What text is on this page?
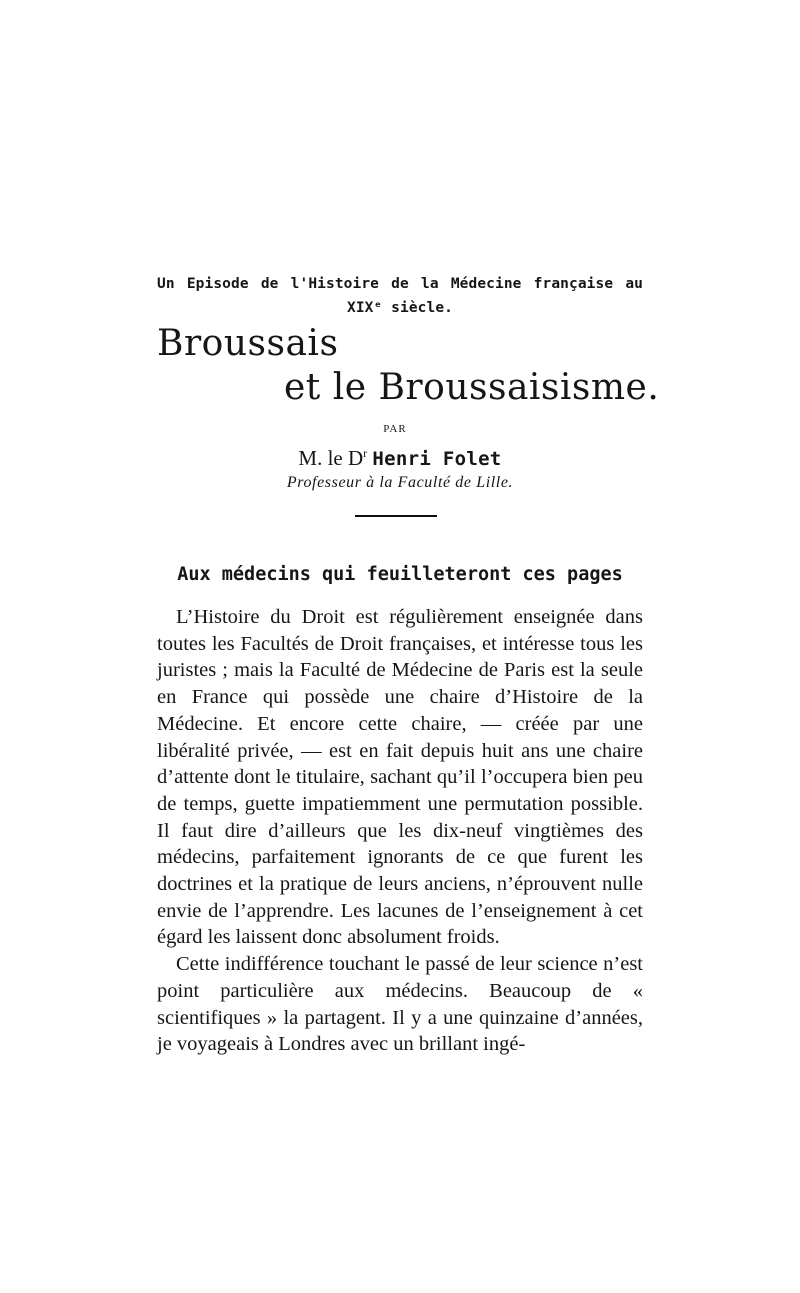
Un Episode de l'Histoire de la Médecine française au XIXᵉ siècle.
Broussais
et le Broussaisisme.
PAR
M. le $D^r$ Henri Folet
Professeur à la Faculté de Lille.
Aux médecins qui feuilleteront ces pages

L’Histoire du Droit est régulièrement enseignée dans toutes les Facultés de Droit françaises, et intéresse tous les juristes ; mais la Faculté de Médecine de Paris est la seule en France qui possède une chaire d’Histoire de la Médecine. Et encore cette chaire, — créée par une libéralité privée, — est en fait depuis huit ans une chaire d’attente dont le titulaire, sachant qu’il l’occupera bien peu de temps, guette impatiemment une permutation possible. Il faut dire d’ailleurs que les dix-neuf vingtièmes des médecins, parfaitement ignorants de ce que furent les doctrines et la pratique de leurs anciens, n’éprouvent nulle envie de l’apprendre. Les lacunes de l’enseignement à cet égard les laissent donc absolument froids.

Cette indifférence touchant le passé de leur science n’est point particulière aux médecins. Beaucoup de « scientifiques » la partagent. Il y a une quinzaine d’années, je voyageais à Londres avec un brillant ingé-
